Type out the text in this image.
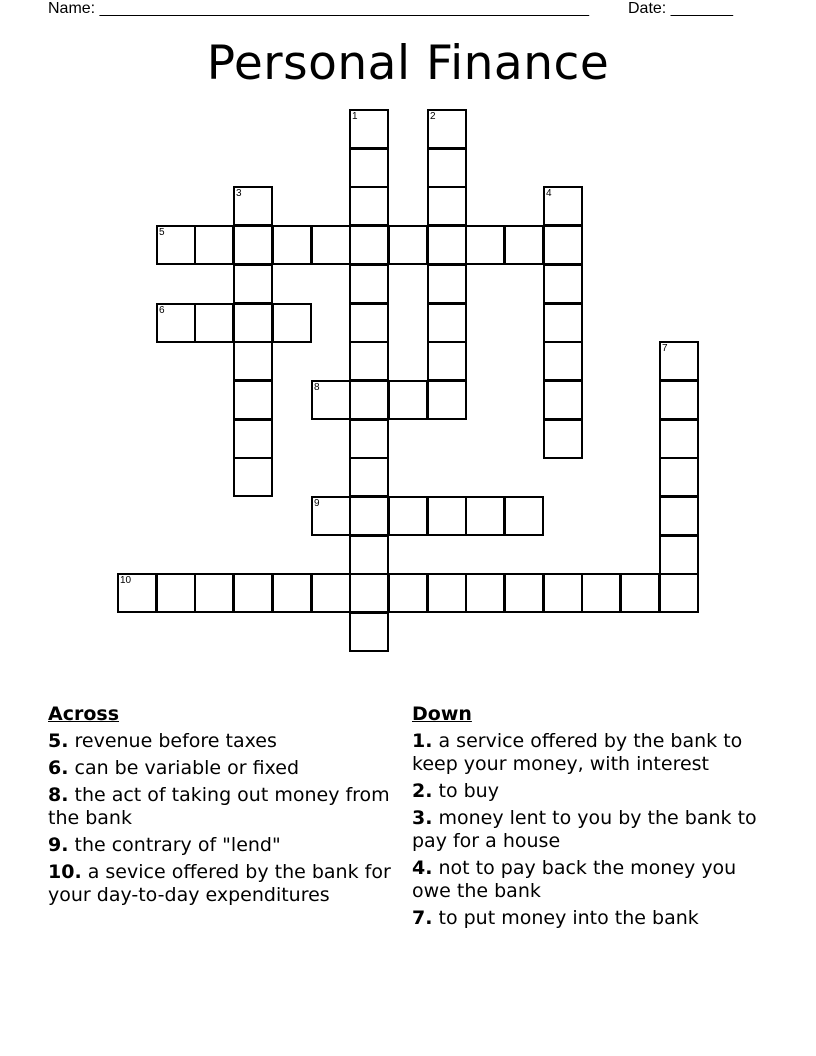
Name: _______________________________________________________ Date: _______
Personal Finance
1	2
3	4
5
6
7
8
9
10
Across
5. revenue before taxes
6. can be variable or fixed
8. the act of taking out money from the bank
9. the contrary of "lend"
10. a sevice offered by the bank for your day-to-day expenditures
Down
1. a service offered by the bank to keep your money, with interest
2. to buy
3. money lent to you by the bank to pay for a house
4. not to pay back the money you owe the bank
7. to put money into the bank
